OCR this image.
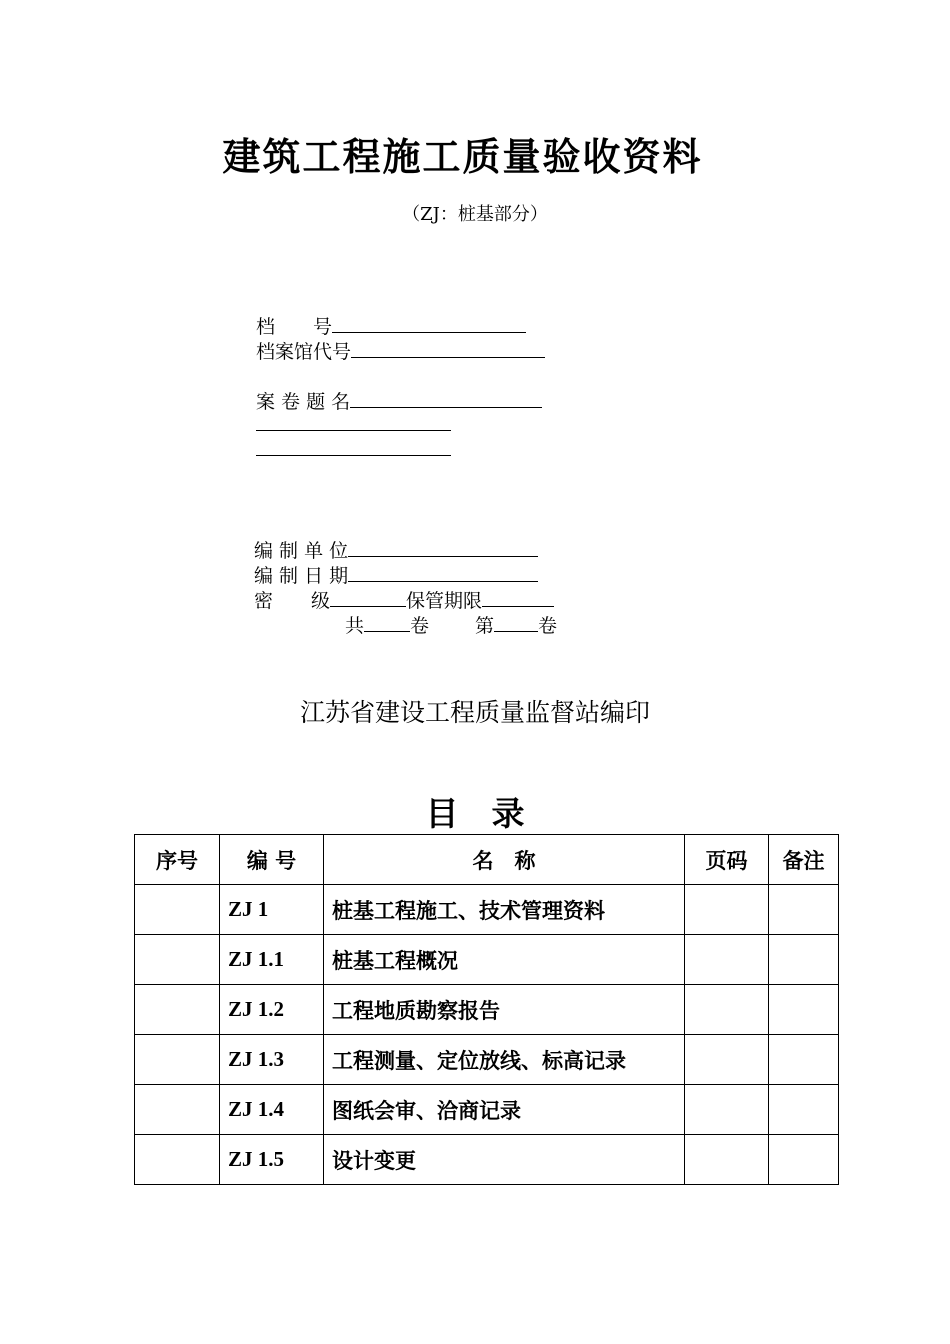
建筑工程施工质量验收资料
（ZJ：桩基部分）
档　　号
档案馆代号
案 卷 题 名
编 制 单 位
编 制 日 期
密　　级	保管期限
共 卷 第 卷
江苏省建设工程质量监督站编印
目　录
序号	编 号	名　称	页码	备注
	ZJ 1	桩基工程施工、技术管理资料		
	ZJ 1.1	桩基工程概况		
	ZJ 1.2	工程地质勘察报告		
	ZJ 1.3	工程测量、定位放线、标高记录		
	ZJ 1.4	图纸会审、洽商记录		
	ZJ 1.5	设计变更		
